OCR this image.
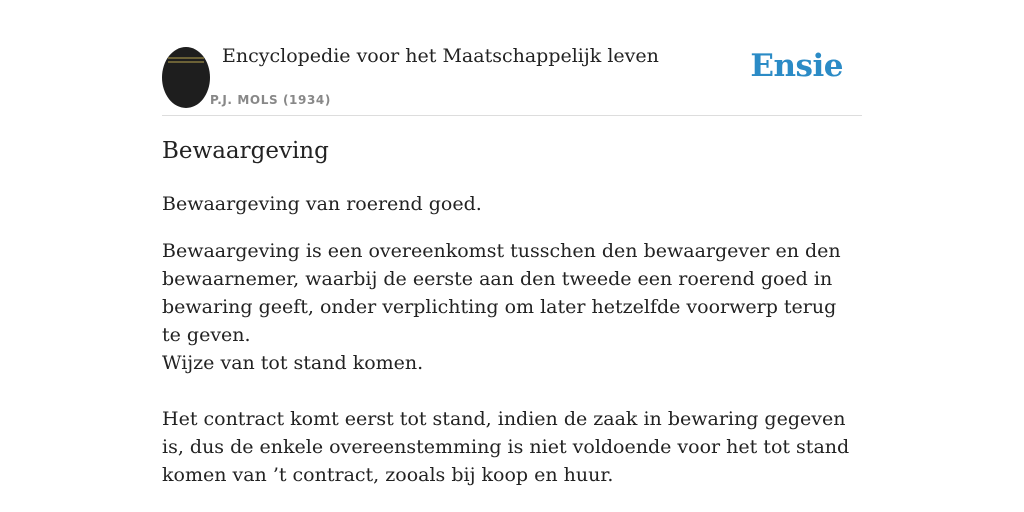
Encyclopedie voor het Maatschappelijk leven
P.J. MOLS (1934)
Ensie
Bewaargeving

Bewaargeving van roerend goed.

Bewaargeving is een overeenkomst tusschen den bewaargever en den bewaarnemer, waarbij de eerste aan den tweede een roerend goed in bewaring geeft, onder verplichting om later hetzelfde voorwerp terug te geven.

Wijze van tot stand komen.

Het contract komt eerst tot stand, indien de zaak in bewaring gegeven is, dus de enkele overeenstemming is niet voldoende voor het tot stand komen van ’t contract, zooals bij koop en huur.
